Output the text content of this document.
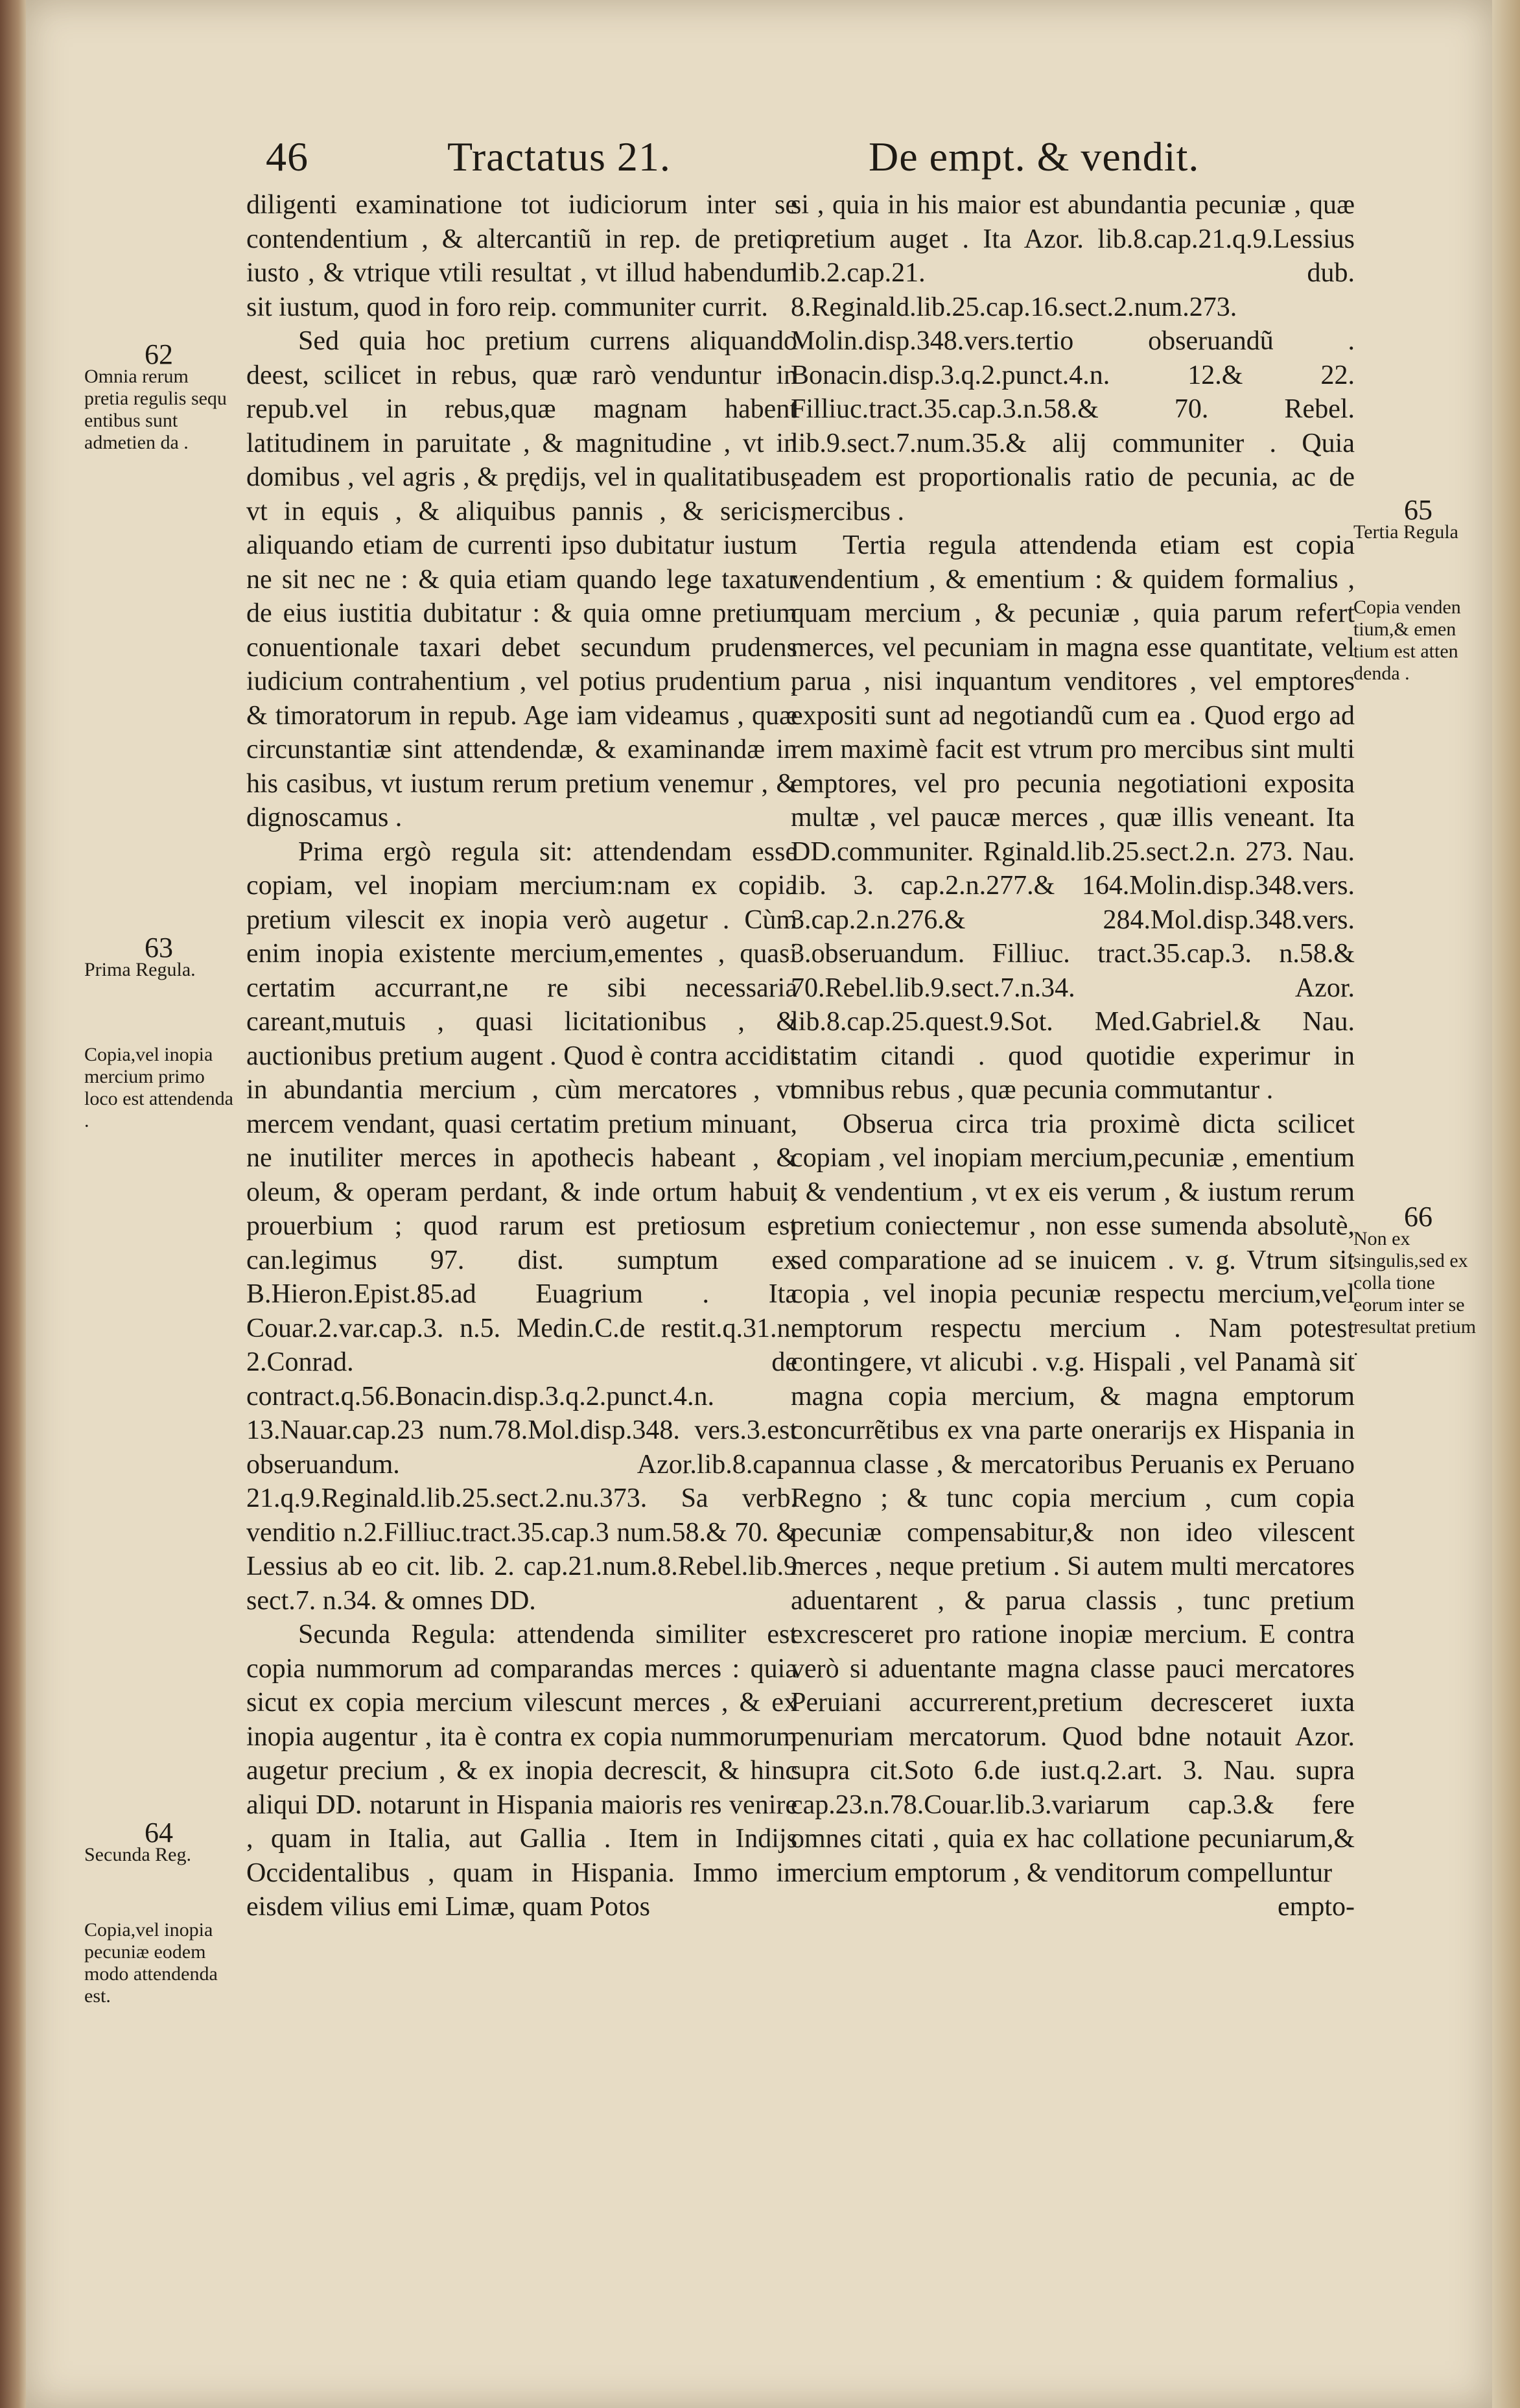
46	Tractatus 21.	De empt. & vendit.
62
Omnia rerum pretia regulis sequ entibus sunt admetien da .
63
Prima Regula.
Copia,vel inopia mercium primo loco est attendenda .
64
Secunda Reg.
Copia,vel inopia pecuniæ eodem modo attendenda est.
65
Tertia Regula
Copia venden tium,& emen tium est atten denda .
66
Non ex singulis,sed ex colla tione eorum inter se resultat pretium .

diligenti examinatione tot iudiciorum inter se contendentium , & altercantiũ in rep. de pretio iusto , & vtrique vtili resultat , vt illud habendum sit iustum, quod in foro reip. communiter currit.

Sed quia hoc pretium currens aliquando deest, scilicet in rebus, quæ rarò venduntur in repub.vel in rebus,quæ magnam habent latitudinem in paruitate , & magnitudine , vt in domibus , vel agris , & prędijs, vel in qualitatibus, vt in equis , & aliquibus pannis , & sericis; aliquando etiam de currenti ipso dubitatur iustum ne sit nec ne : & quia etiam quando lege taxatur de eius iustitia dubitatur : & quia omne pretium conuentionale taxari debet secundum prudens iudicium contrahentium , vel potius prudentium , & timoratorum in repub. Age iam videamus , quæ circunstantiæ sint attendendæ, & examinandæ in his casibus, vt iustum rerum pretium venemur , & dignoscamus .

Prima ergò regula sit: attendendam esse copiam, vel inopiam mercium:nam ex copia pretium vilescit ex inopia verò augetur . Cùm enim inopia existente mercium,ementes , quasi certatim accurrant,ne re sibi necessaria careant,mutuis , quasi licitationibus , & auctionibus pretium augent . Quod è contra accidit in abundantia mercium , cùm mercatores , vt mercem vendant, quasi certatim pretium minuant, ne inutiliter merces in apothecis habeant , & oleum, & operam perdant, & inde ortum habuit prouerbium ; quod rarum est pretiosum est can.legimus 97. dist. sumptum ex B.Hieron.Epist.85.ad Euagrium . Ita Couar.2.var.cap.3. n.5. Medin.C.de restit.q.31.n. 2.Conrad. de contract.q.56.Bonacin.disp.3.q.2.punct.4.n. 13.Nauar.cap.23 num.78.Mol.disp.348. vers.3.est obseruandum. Azor.lib.8.cap. 21.q.9.Reginald.lib.25.sect.2.nu.373. Sa verb. venditio n.2.Filliuc.tract.35.cap.3 num.58.& 70. & Lessius ab eo cit. lib. 2. cap.21.num.8.Rebel.lib.9 sect.7. n.34. & omnes DD.

Secunda Regula: attendenda similiter est copia nummorum ad comparandas merces : quia sicut ex copia mercium vilescunt merces , & ex inopia augentur , ita è contra ex copia nummorum augetur precium , & ex inopia decrescit, & hinc aliqui DD. notarunt in Hispania maioris res venire , quam in Italia, aut Gallia . Item in Indijs Occidentalibus , quam in Hispania. Immo in eisdem vilius emi Limæ, quam Potos

si , quia in his maior est abundantia pecuniæ , quæ pretium auget . Ita Azor. lib.8.cap.21.q.9.Lessius lib.2.cap.21. dub. 8.Reginald.lib.25.cap.16.sect.2.num.273. Molin.disp.348.vers.tertio obseruandũ . Bonacin.disp.3.q.2.punct.4.n. 12.& 22. Filliuc.tract.35.cap.3.n.58.& 70. Rebel. lib.9.sect.7.num.35.& alij communiter . Quia eadem est proportionalis ratio de pecunia, ac de mercibus .

Tertia regula attendenda etiam est copia vendentium , & ementium : & quidem formalius , quam mercium , & pecuniæ , quia parum refert merces, vel pecuniam in magna esse quantitate, vel parua , nisi inquantum venditores , vel emptores expositi sunt ad negotiandũ cum ea . Quod ergo ad rem maximè facit est vtrum pro mercibus sint multi emptores, vel pro pecunia negotiationi exposita multæ , vel paucæ merces , quæ illis veneant. Ita DD.communiter. Rginald.lib.25.sect.2.n. 273. Nau. lib. 3. cap.2.n.277.& 164.Molin.disp.348.vers. 3.cap.2.n.276.& 284.Mol.disp.348.vers. 3.obseruandum. Filliuc. tract.35.cap.3. n.58.& 70.Rebel.lib.9.sect.7.n.34. Azor. lib.8.cap.25.quest.9.Sot. Med.Gabriel.& Nau. statim citandi . quod quotidie experimur in omnibus rebus , quæ pecunia commutantur .

Obserua circa tria proximè dicta scilicet copiam , vel inopiam mercium,pecuniæ , ementium , & vendentium , vt ex eis verum , & iustum rerum pretium coniectemur , non esse sumenda absolutè, sed comparatione ad se inuicem . v. g. Vtrum sit copia , vel inopia pecuniæ respectu mercium,vel emptorum respectu mercium . Nam potest contingere, vt alicubi . v.g. Hispali , vel Panamà sit magna copia mercium, & magna emptorum concurrẽtibus ex vna parte onerarijs ex Hispania in annua classe , & mercatoribus Peruanis ex Peruano Regno ; & tunc copia mercium , cum copia pecuniæ compensabitur,& non ideo vilescent merces , neque pretium . Si autem multi mercatores aduentarent , & parua classis , tunc pretium excresceret pro ratione inopiæ mercium. E contra verò si aduentante magna classe pauci mercatores Peruiani accurrerent,pretium decresceret iuxta penuriam mercatorum. Quod bdne notauit Azor. supra cit.Soto 6.de iust.q.2.art. 3. Nau. supra cap.23.n.78.Couar.lib.3.variarum cap.3.& fere omnes citati , quia ex hac collatione pecuniarum,& mercium emptorum , & venditorum compelluntur

empto-
